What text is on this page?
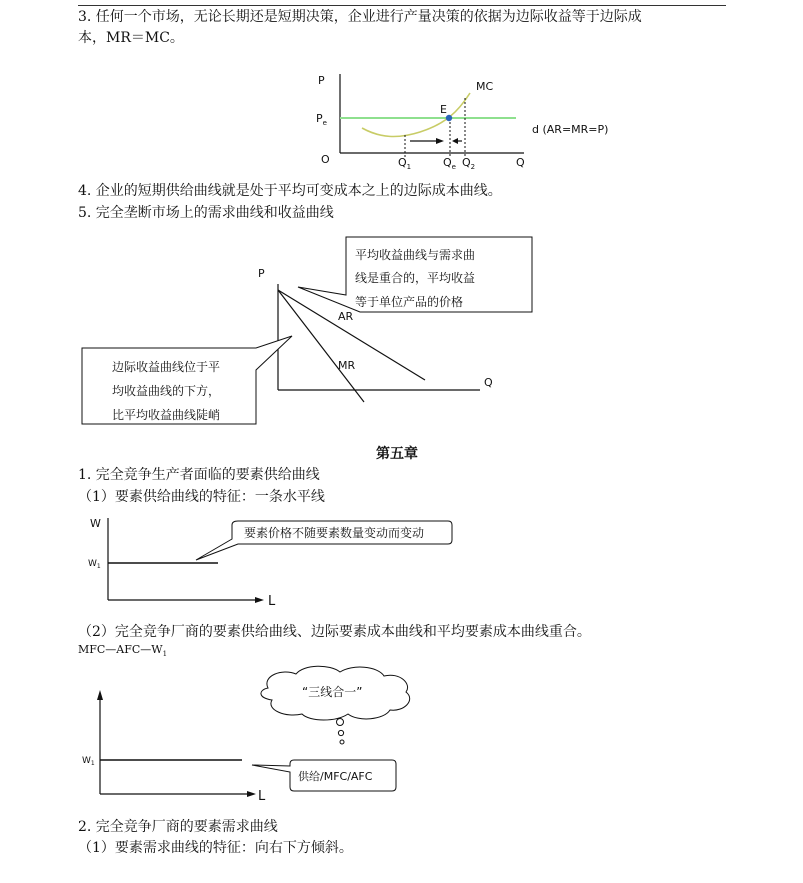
3. 任何一个市场，无论长期还是短期决策，企业进行产量决策的依据为边际收益等于边际成
本，MR＝MC。
P
$P_e$
O	Q
MC
E
d (AR=MR=P)
$Q_1$	$Q_e$ $Q_2$
4. 企业的短期供给曲线就是处于平均可变成本之上的边际成本曲线。
5. 完全垄断市场上的需求曲线和收益曲线
P
Q
AR
MR
平均收益曲线与需求曲
线是重合的，平均收益
等于单位产品的价格
边际收益曲线位于平
均收益曲线的下方，
比平均收益曲线陡峭
第五章
1. 完全竞争生产者面临的要素供给曲线
（1）要素供给曲线的特征：一条水平线
W
$W_1$
L
要素价格不随要素数量变动而变动
（2）完全竞争厂商的要素供给曲线、边际要素成本曲线和平均要素成本曲线重合。
$MFC—AFC—W_1$
$W_1$
L
“三线合一”
供给/MFC/AFC
2. 完全竞争厂商的要素需求曲线
（1）要素需求曲线的特征：向右下方倾斜。
